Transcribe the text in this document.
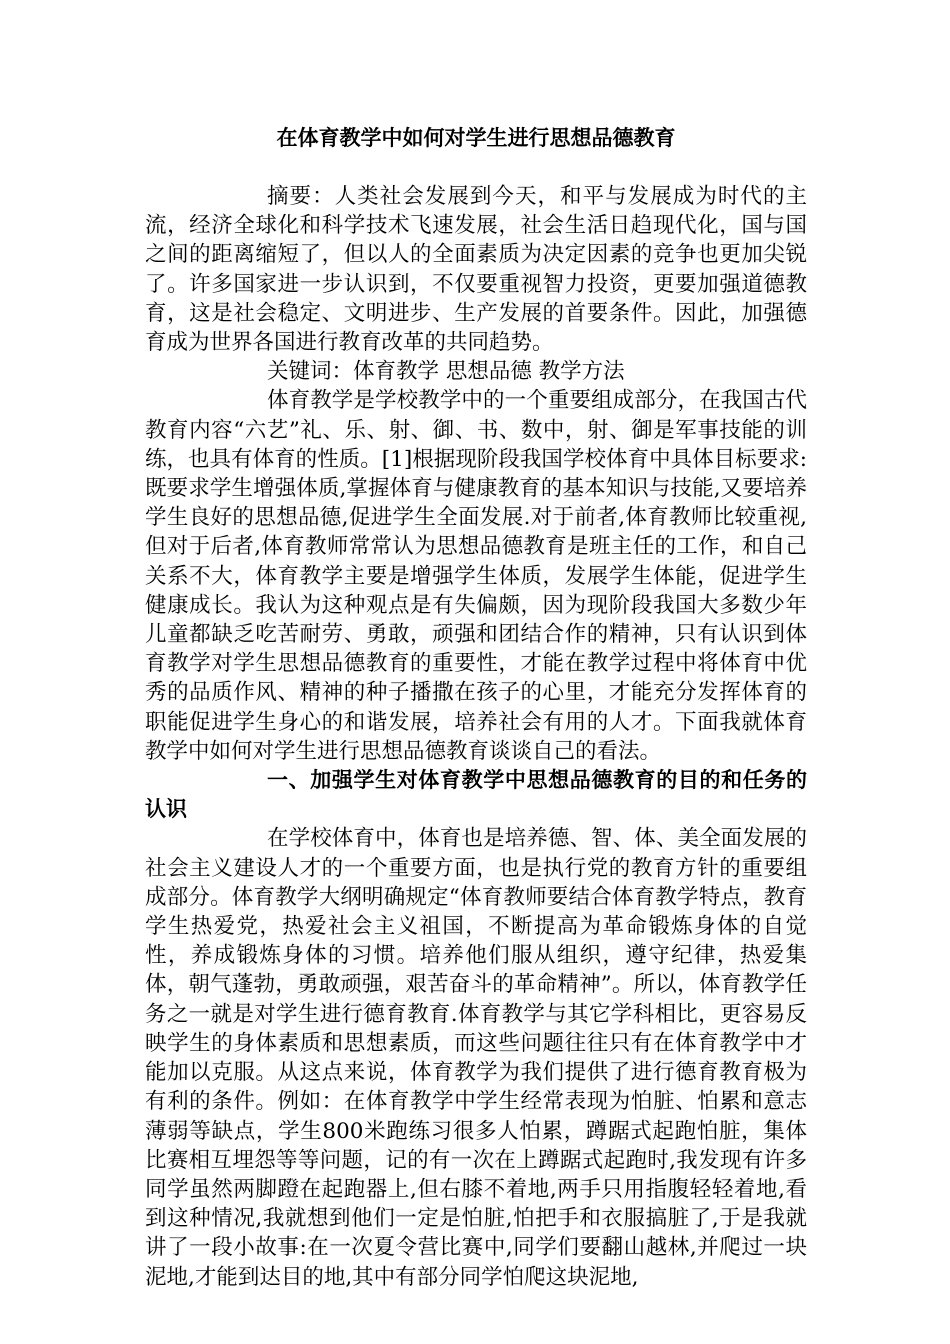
在体育教学中如何对学生进行思想品德教育

摘要：人类社会发展到今天，和平与发展成为时代的主流，经济全球化和科学技术飞速发展，社会生活日趋现代化，国与国之间的距离缩短了，但以人的全面素质为决定因素的竞争也更加尖锐了。许多国家进一步认识到，不仅要重视智力投资，更要加强道德教育，这是社会稳定、文明进步、生产发展的首要条件。因此，加强德育成为世界各国进行教育改革的共同趋势。

关键词：体育教学 思想品德 教学方法

体育教学是学校教学中的一个重要组成部分，在我国古代教育内容“六艺”礼、乐、射、御、书、数中，射、御是军事技能的训练，也具有体育的性质。[1]根据现阶段我国学校体育中具体目标要求:既要求学生增强体质,掌握体育与健康教育的基本知识与技能,又要培养学生良好的思想品德,促进学生全面发展.对于前者,体育教师比较重视,但对于后者,体育教师常常认为思想品德教育是班主任的工作，和自己关系不大，体育教学主要是增强学生体质，发展学生体能，促进学生健康成长。我认为这种观点是有失偏颇，因为现阶段我国大多数少年儿童都缺乏吃苦耐劳、勇敢，顽强和团结合作的精神，只有认识到体育教学对学生思想品德教育的重要性，才能在教学过程中将体育中优秀的品质作风、精神的种子播撒在孩子的心里，才能充分发挥体育的职能促进学生身心的和谐发展，培养社会有用的人才。下面我就体育教学中如何对学生进行思想品德教育谈谈自己的看法。

一、加强学生对体育教学中思想品德教育的目的和任务的认识

在学校体育中，体育也是培养德、智、体、美全面发展的社会主义建设人才的一个重要方面，也是执行党的教育方针的重要组成部分。体育教学大纲明确规定“体育教师要结合体育教学特点，教育学生热爱党，热爱社会主义祖国，不断提高为革命锻炼身体的自觉性，养成锻炼身体的习惯。培养他们服从组织，遵守纪律，热爱集体，朝气蓬勃，勇敢顽强，艰苦奋斗的革命精神”。所以，体育教学任务之一就是对学生进行德育教育.体育教学与其它学科相比，更容易反映学生的身体素质和思想素质，而这些问题往往只有在体育教学中才能加以克服。从这点来说，体育教学为我们提供了进行德育教育极为有利的条件。例如：在体育教学中学生经常表现为怕脏、怕累和意志薄弱等缺点，学生800米跑练习很多人怕累，蹲踞式起跑怕脏，集体比赛相互埋怨等等问题，记的有一次在上蹲踞式起跑时,我发现有许多同学虽然两脚蹬在起跑器上,但右膝不着地,两手只用指腹轻轻着地,看到这种情况,我就想到他们一定是怕脏,怕把手和衣服搞脏了,于是我就讲了一段小故事:在一次夏令营比赛中,同学们要翻山越林,并爬过一块泥地,才能到达目的地,其中有部分同学怕爬这块泥地,
